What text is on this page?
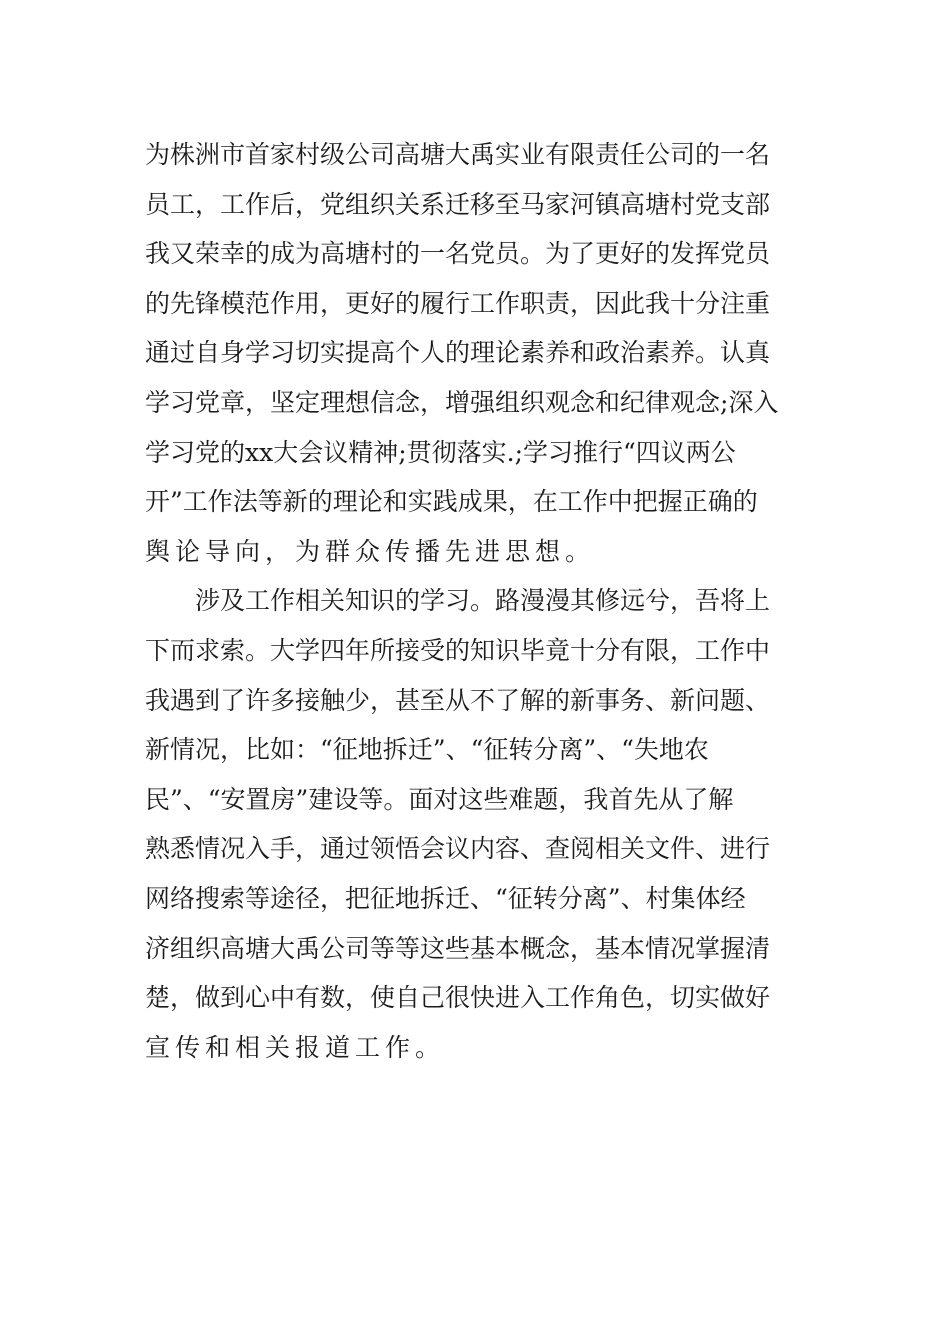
为株洲市首家村级公司高塘大禹实业有限责任公司的一名
员工，工作后，党组织关系迁移至马家河镇高塘村党支部
我又荣幸的成为高塘村的一名党员。为了更好的发挥党员
的先锋模范作用，更好的履行工作职责，因此我十分注重
通过自身学习切实提高个人的理论素养和政治素养。认真
学习党章，坚定理想信念，增强组织观念和纪律观念;深入
学习党的xx大会议精神;贯彻落实.;学习推行“四议两公
开”工作法等新的理论和实践成果，在工作中把握正确的
舆论导向，为群众传播先进思想。
　　涉及工作相关知识的学习。路漫漫其修远兮，吾将上
下而求索。大学四年所接受的知识毕竟十分有限，工作中
我遇到了许多接触少，甚至从不了解的新事务、新问题、
新情况，比如：“征地拆迁”、“征转分离”、“失地农
民”、“安置房”建设等。面对这些难题，我首先从了解
熟悉情况入手，通过领悟会议内容、查阅相关文件、进行
网络搜索等途径，把征地拆迁、“征转分离”、村集体经
济组织高塘大禹公司等等这些基本概念，基本情况掌握清
楚，做到心中有数，使自己很快进入工作角色，切实做好
宣传和相关报道工作。
